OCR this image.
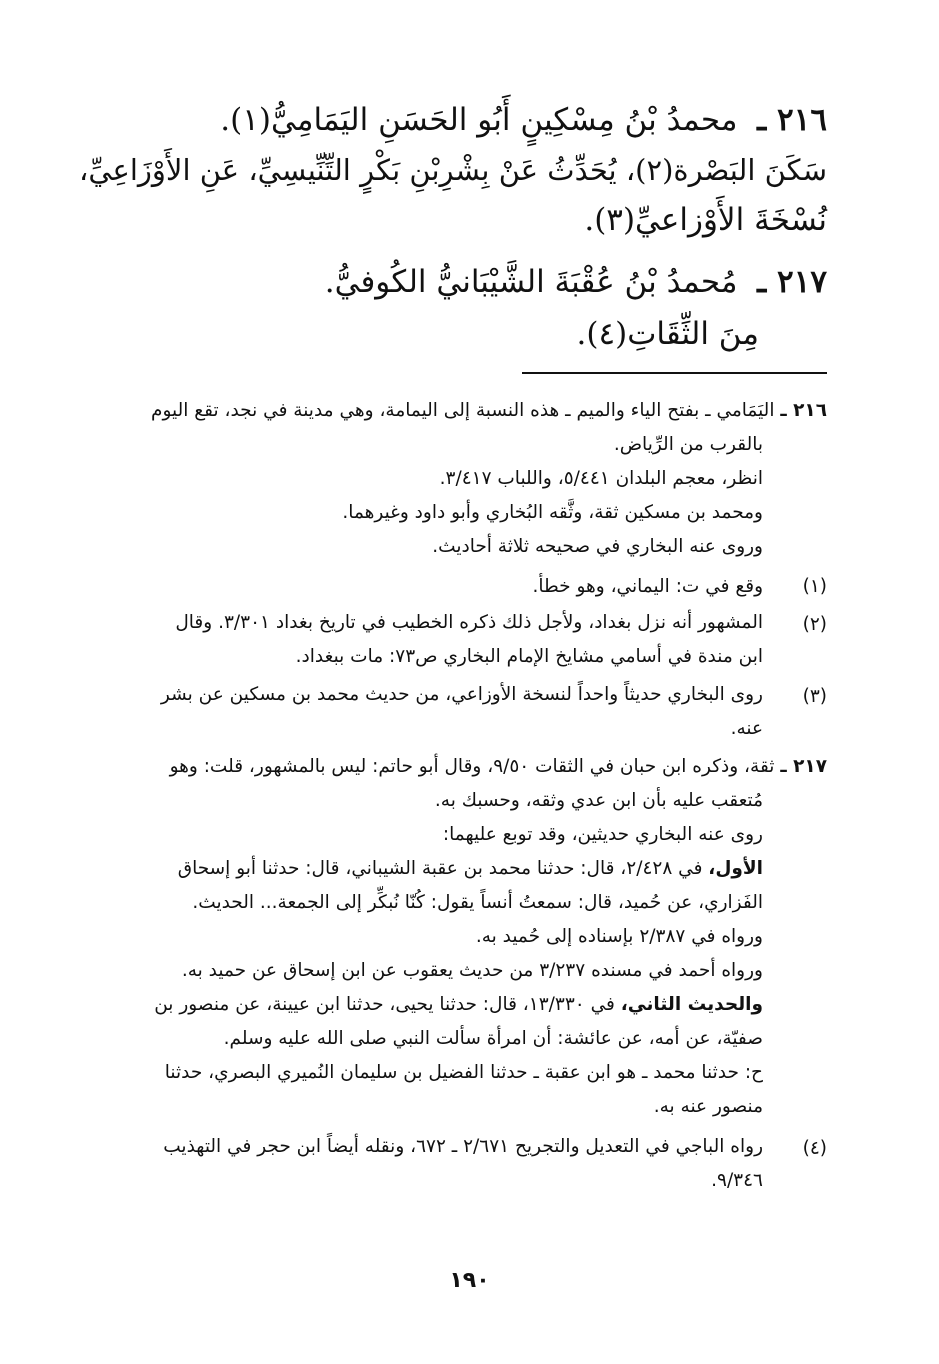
٢١٦ ـ  محمدُ بْنُ مِسْكِينٍ أَبُو الحَسَنِ اليَمَامِيُّ(١).
سَكَنَ البَصْرة(٢)، يُحَدِّثُ عَنْ بِشْرِبْنِ بَكْرٍ التِّنِّيسِيِّ، عَنِ الأَوْزَاعِيِّ،
نُسْخَةَ الأَوْزاعيِّ(٣).
٢١٧ ـ  مُحمدُ بْنُ عُقْبَةَ الشَّيْبَانيُّ الكُوفيُّ.
مِنَ الثِّقَاتِ(٤).
٢١٦ ـ اليَمَامي ـ بفتح الياء والميم ـ هذه النسبة إلى اليمامة، وهي مدينة في نجد، تقع اليوم
بالقرب من الرِّياض.
انظر، معجم البلدان ٥/٤٤١، واللباب ٣/٤١٧.
ومحمد بن مسكين ثقة، وثَّقه البُخاري وأبو داود وغيرهما.
وروى عنه البخاري في صحيحه ثلاثة أحاديث.
(١)
وقع في ت: اليماني، وهو خطأ.
(٢)
المشهور أنه نزل بغداد، ولأجل ذلك ذكره الخطيب في تاريخ بغداد ٣/٣٠١. وقال
ابن مندة في أسامي مشايخ الإمام البخاري ص٧٣: مات ببغداد.
(٣)
روى البخاري حديثاً واحداً لنسخة الأوزاعي، من حديث محمد بن مسكين عن بشر
عنه.
٢١٧ ـ ثقة، وذكره ابن حبان في الثقات ٩/٥٠، وقال أبو حاتم: ليس بالمشهور، قلت: وهو
مُتعقب عليه بأن ابن عدي وثقه، وحسبك به.
روى عنه البخاري حديثين، وقد توبع عليهما:
الأول، في ٢/٤٢٨، قال: حدثنا محمد بن عقبة الشيباني، قال: حدثنا أبو إسحاق
الفَزاري، عن حُميد، قال: سمعتُ أنساً يقول: كُنّا نُبكِّر إلى الجمعة... الحديث.
ورواه في ٢/٣٨٧ بإسناده إلى حُميد به.
ورواه أحمد في مسنده ٣/٢٣٧ من حديث يعقوب عن ابن إسحاق عن حميد به.
والحديث الثاني، في ١٣/٣٣٠، قال: حدثنا يحيى، حدثنا ابن عيينة، عن منصور بن
صفيّة، عن أمه، عن عائشة: أن امرأة سألت النبي صلى الله عليه وسلم.
ح: حدثنا محمد ـ هو ابن عقبة ـ حدثنا الفضيل بن سليمان النُميري البصري، حدثنا
منصور عنه به.
(٤)
رواه الباجي في التعديل والتجريح ٢/٦٧١ ـ ٦٧٢، ونقله أيضاً ابن حجر في التهذيب
٩/٣٤٦.
١٩٠
